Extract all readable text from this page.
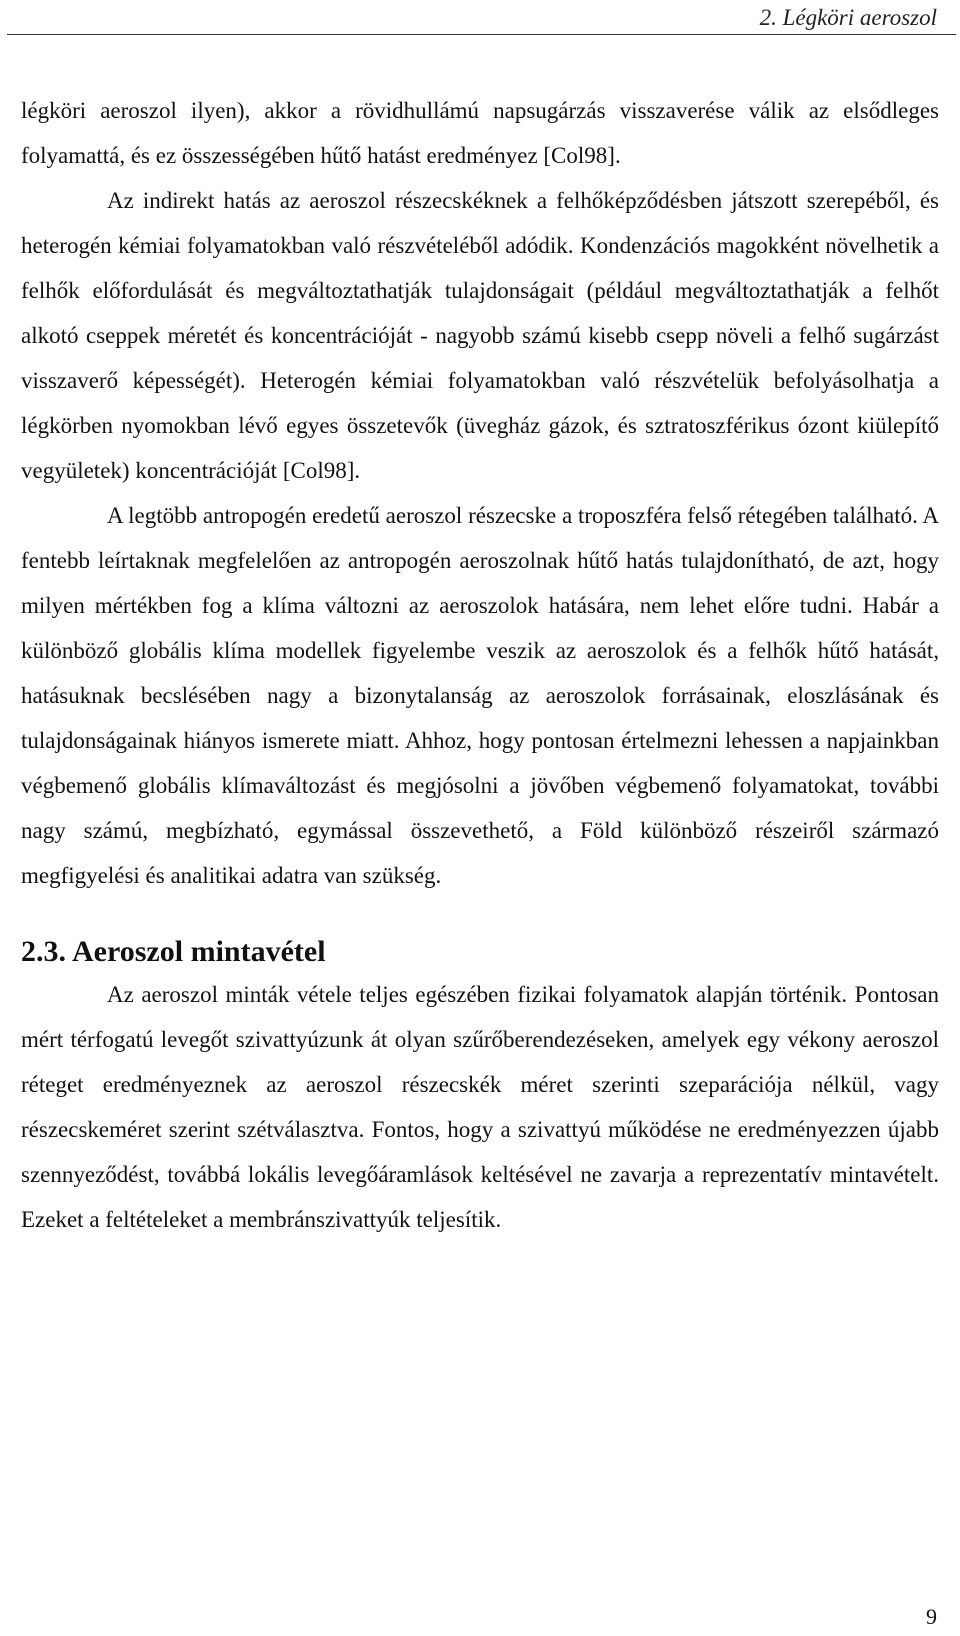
2. Légköri aeroszol

légköri aeroszol ilyen), akkor a rövidhullámú napsugárzás visszaverése válik az elsődleges folyamattá, és ez összességében hűtő hatást eredményez [Col98].

Az indirekt hatás az aeroszol részecskéknek a felhőképződésben játszott szerepéből, és heterogén kémiai folyamatokban való részvételéből adódik. Kondenzációs magokként növelhetik a felhők előfordulását és megváltoztathatják tulajdonságait (például megváltoztathatják a felhőt alkotó cseppek méretét és koncentrációját - nagyobb számú kisebb csepp növeli a felhő sugárzást visszaverő képességét). Heterogén kémiai folyamatokban való részvételük befolyásolhatja a légkörben nyomokban lévő egyes összetevők (üvegház gázok, és sztratoszférikus ózont kiülepítő vegyületek) koncentrációját [Col98].

A legtöbb antropogén eredetű aeroszol részecske a troposzféra felső rétegében található. A fentebb leírtaknak megfelelően az antropogén aeroszolnak hűtő hatás tulajdonítható, de azt, hogy milyen mértékben fog a klíma változni az aeroszolok hatására, nem lehet előre tudni. Habár a különböző globális klíma modellek figyelembe veszik az aeroszolok és a felhők hűtő hatását, hatásuknak becslésében nagy a bizonytalanság az aeroszolok forrásainak, eloszlásának és tulajdonságainak hiányos ismerete miatt. Ahhoz, hogy pontosan értelmezni lehessen a napjainkban végbemenő globális klímaváltozást és megjósolni a jövőben végbemenő folyamatokat, további nagy számú, megbízható, egymással összevethető, a Föld különböző részeiről származó megfigyelési és analitikai adatra van szükség.

2.3. Aeroszol mintavétel

Az aeroszol minták vétele teljes egészében fizikai folyamatok alapján történik. Pontosan mért térfogatú levegőt szivattyúzunk át olyan szűrőberendezéseken, amelyek egy vékony aeroszol réteget eredményeznek az aeroszol részecskék méret szerinti szeparációja nélkül, vagy részecskeméret szerint szétválasztva. Fontos, hogy a szivattyú működése ne eredményezzen újabb szennyeződést, továbbá lokális levegőáramlások keltésével ne zavarja a reprezentatív mintavételt. Ezeket a feltételeket a membránszivattyúk teljesítik.

9
